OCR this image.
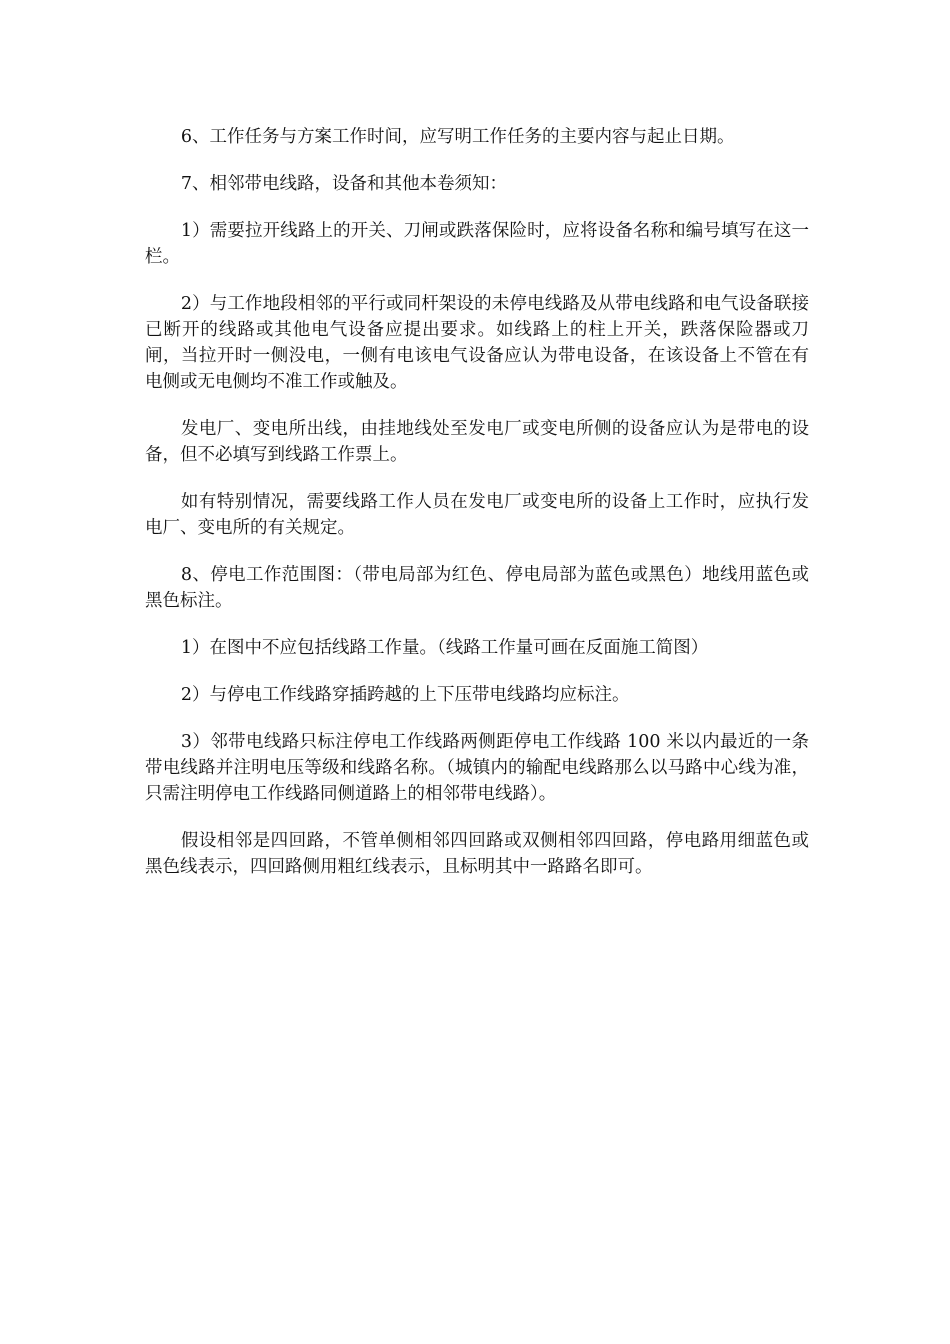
6、工作任务与方案工作时间，应写明工作任务的主要内容与起止日期。

7、相邻带电线路，设备和其他本卷须知：

1）需要拉开线路上的开关、刀闸或跌落保险时，应将设备名称和编号填写在这一栏。

2）与工作地段相邻的平行或同杆架设的未停电线路及从带电线路和电气设备联接已断开的线路或其他电气设备应提出要求。如线路上的柱上开关，跌落保险器或刀闸，当拉开时一侧没电，一侧有电该电气设备应认为带电设备，在该设备上不管在有电侧或无电侧均不准工作或触及。

发电厂、变电所出线，由挂地线处至发电厂或变电所侧的设备应认为是带电的设备，但不必填写到线路工作票上。

如有特别情况，需要线路工作人员在发电厂或变电所的设备上工作时，应执行发电厂、变电所的有关规定。

8、停电工作范围图：（带电局部为红色、停电局部为蓝色或黑色）地线用蓝色或黑色标注。

1）在图中不应包括线路工作量。（线路工作量可画在反面施工简图）

2）与停电工作线路穿插跨越的上下压带电线路均应标注。

3）邻带电线路只标注停电工作线路两侧距停电工作线路 100 米以内最近的一条带电线路并注明电压等级和线路名称。（城镇内的输配电线路那么以马路中心线为准，只需注明停电工作线路同侧道路上的相邻带电线路）。

假设相邻是四回路，不管单侧相邻四回路或双侧相邻四回路，停电路用细蓝色或黑色线表示，四回路侧用粗红线表示，且标明其中一路路名即可。
